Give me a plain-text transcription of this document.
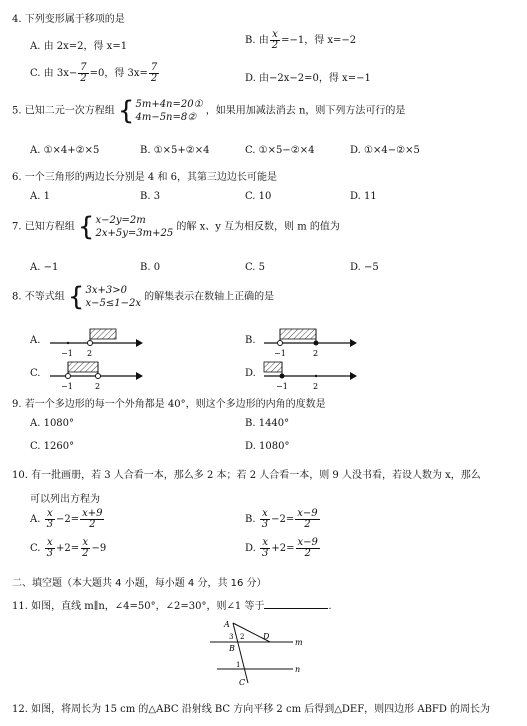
4. 下列变形属于移项的是
A. 由 2x=2，得 x=1
B. 由 $\frac{x}{2} =-1$，得 x=−2
C. 由 $3x- \frac{7}{2} =0$，得 $3x= \frac{7}{2}$	D. 由−2x−2=0，得 x=−1
5. 已知二元一次方程组 { 5m+4n=20①
4m−5n=8②
，如果用加减法消去 n，则下列方法可行的是
A. ①×4+②×5	B. ①×5+②×4	C. ①×5−②×4	D. ①×4−②×5
6. 一个三角形的两边长分别是 4 和 6，其第三边边长可能是
A. 1	B. 3	C. 10	D. 11
7. 已知方程组 { x−2y=2m
2x+5y=3m+25
的解 x、y 互为相反数，则 m 的值为
A. −1	B. 0	C. 5	D. −5
8. 不等式组 { 3x+3>0
x−5≤1−2x
的解集表示在数轴上正确的是
A.
−1 2
B.
−1	2
C.
−1	2
D.
−1	2
9. 若一个多边形的每一个外角都是 40°，则这个多边形的内角的度数是
A. 1080°	B. 1440°
C. 1260°	D. 1080°
10. 有一批画册，若 3 人合看一本，那么多 2 本；若 2 人合看一本，则 9 人没书看，若设人数为 x，那么
可以列出方程为
A. $\frac{x}{3} -2= \frac{x+9}{2}$	B. $\frac{x}{3} -2= \frac{x-9}{2}$
C. $\frac{x}{3} +2= \frac{x}{2} -9$	D. $\frac{x}{3} +2= \frac{x-9}{2}$
二、填空题（本大题共 4 小题，每小题 4 分，共 16 分）
11. 如图，直线 m∥n，∠4=50°，∠2=30°，则∠1 等于	.
A
B
C
D
m
n
3 2
1
12. 如图，将周长为 15 cm 的△ABC 沿射线 BC 方向平移 2 cm 后得到△DEF，则四边形 ABFD 的周长为
